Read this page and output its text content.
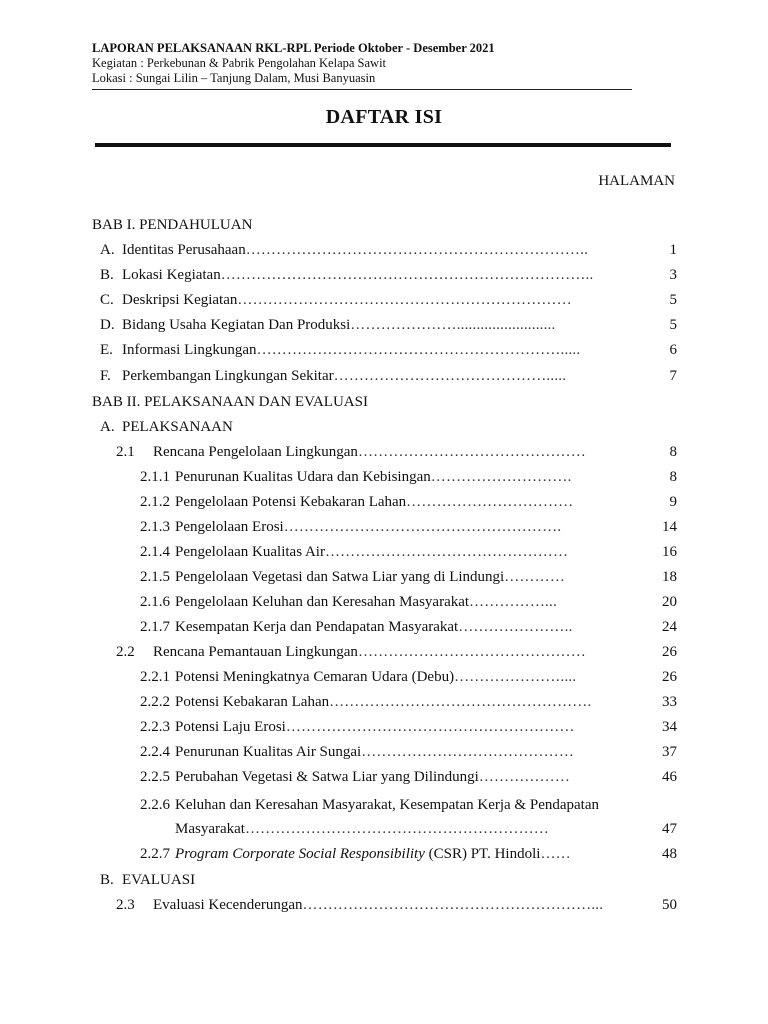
LAPORAN PELAKSANAAN RKL-RPL Periode Oktober - Desember 2021
Kegiatan : Perkebunan & Pabrik Pengolahan Kelapa Sawit
Lokasi : Sungai Lilin – Tanjung Dalam, Musi Banyuasin
DAFTAR ISI
HALAMAN
BAB I. PENDAHULUAN
A. Identitas Perusahaan…………………………………………………………..	1
B. Lokasi Kegiatan………………………………………………………………..	3
C. Deskripsi Kegiatan…………………………………………………………	5
D. Bidang Usaha Kegiatan Dan Produksi………………….........................	5
E. Informasi Lingkungan…………………………………………………….....	6
F. Perkembangan Lingkungan Sekitar…………………………………….....	7
BAB II. PELAKSANAAN DAN EVALUASI
A. PELAKSANAAN
2.1 Rencana Pengelolaan Lingkungan………………………………………	8
2.1.1 Penurunan Kualitas Udara dan Kebisingan……………………….	8
2.1.2 Pengelolaan Potensi Kebakaran Lahan……………………………	9
2.1.3 Pengelolaan Erosi……………………………………………….	14
2.1.4 Pengelolaan Kualitas Air…………………………………………	16
2.1.5 Pengelolaan Vegetasi dan Satwa Liar yang di Lindungi…………	18
2.1.6 Pengelolaan Keluhan dan Keresahan Masyarakat……………...	20
2.1.7 Kesempatan Kerja dan Pendapatan Masyarakat…………………..	24
2.2 Rencana Pemantauan Lingkungan………………………………………	26
2.2.1 Potensi Meningkatnya Cemaran Udara (Debu)…………………....	26
2.2.2 Potensi Kebakaran Lahan…………………………………………….	33
2.2.3 Potensi Laju Erosi…………………………………………………	34
2.2.4 Penurunan Kualitas Air Sungai……………………………………	37
2.2.5 Perubahan Vegetasi & Satwa Liar yang Dilindungi………………	46
2.2.6 Keluhan dan Keresahan Masyarakat, Kesempatan Kerja & Pendapatan
Masyarakat……………………………………………………	47
2.2.7 Program Corporate Social Responsibility (CSR) PT. Hindoli……	48
B. EVALUASI
2.3 Evaluasi Kecenderungan…………………………………………………...	50
